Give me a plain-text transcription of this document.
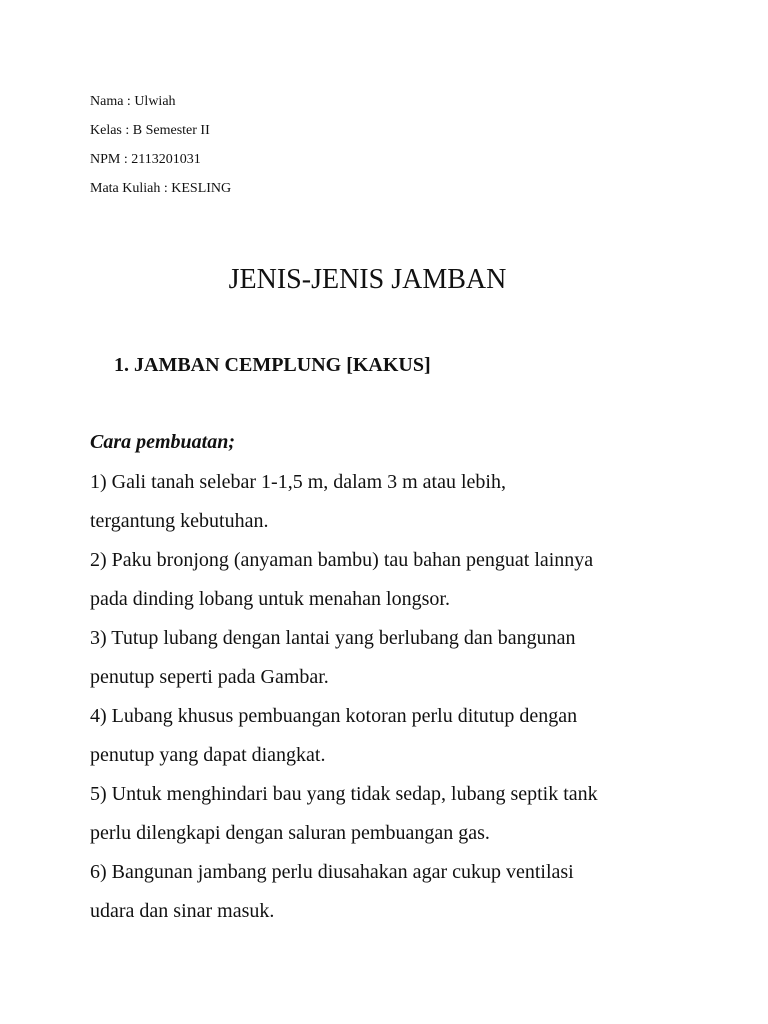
Nama : Ulwiah
Kelas : B Semester II
NPM : 2113201031
Mata Kuliah : KESLING
JENIS-JENIS JAMBAN
1. JAMBAN CEMPLUNG [KAKUS]
Cara pembuatan;
1) Gali tanah selebar 1-1,5 m, dalam 3 m atau lebih,
tergantung kebutuhan.
2) Paku bronjong (anyaman bambu) tau bahan penguat lainnya
pada dinding lobang untuk menahan longsor.
3) Tutup lubang dengan lantai yang berlubang dan bangunan
penutup seperti pada Gambar.
4) Lubang khusus pembuangan kotoran perlu ditutup dengan
penutup yang dapat diangkat.
5) Untuk menghindari bau yang tidak sedap, lubang septik tank
perlu dilengkapi dengan saluran pembuangan gas.
6) Bangunan jambang perlu diusahakan agar cukup ventilasi
udara dan sinar masuk.
